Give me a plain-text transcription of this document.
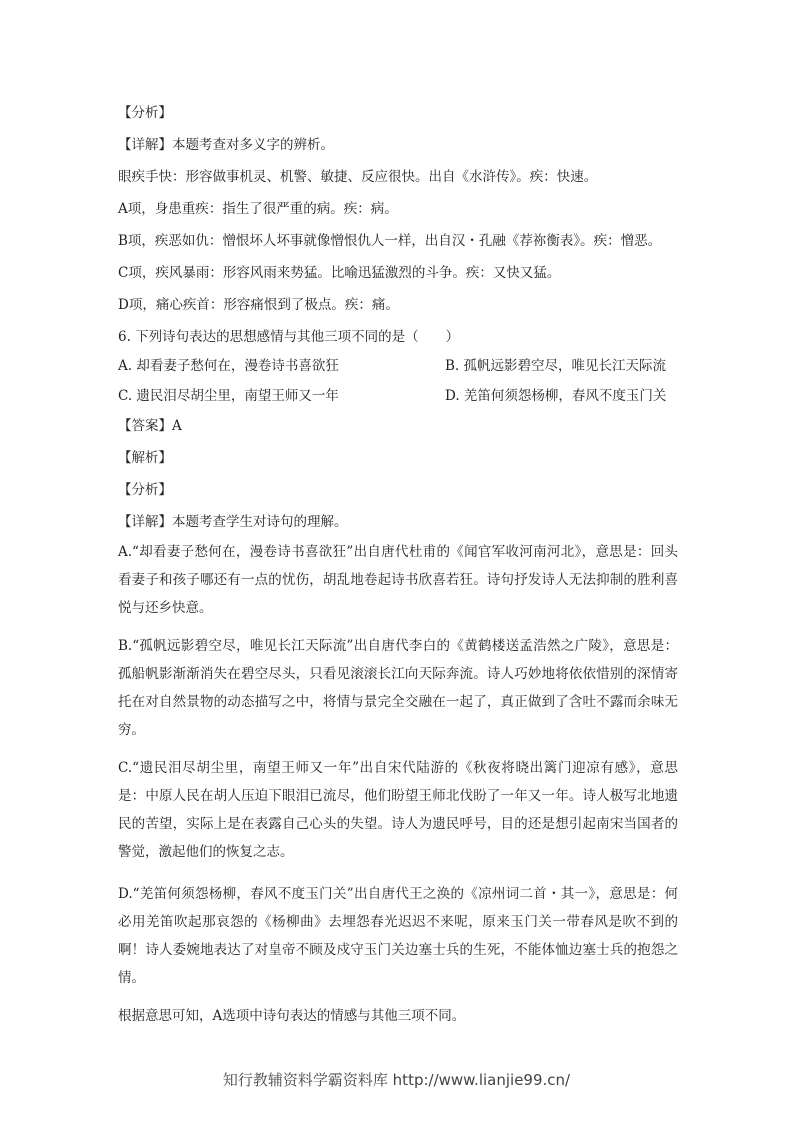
【分析】
【详解】本题考查对多义字的辨析。
眼疾手快：形容做事机灵、机警、敏捷、反应很快。出自《水浒传》。疾：快速。
A项，身患重疾：指生了很严重的病。疾：病。
B项，疾恶如仇：憎恨坏人坏事就像憎恨仇人一样，出自汉・孔融《荐祢衡表》。疾：憎恶。
C项，疾风暴雨：形容风雨来势猛。比喻迅猛激烈的斗争。疾：又快又猛。
D项，痛心疾首：形容痛恨到了极点。疾：痛。
6. 下列诗句表达的思想感情与其他三项不同的是（　　）
A. 却看妻子愁何在，漫卷诗书喜欲狂	B. 孤帆远影碧空尽，唯见长江天际流
C. 遗民泪尽胡尘里，南望王师又一年	D. 羌笛何须怨杨柳，春风不度玉门关
【答案】A
【解析】
【分析】
【详解】本题考查学生对诗句的理解。
A.“却看妻子愁何在，漫卷诗书喜欲狂”出自唐代杜甫的《闻官军收河南河北》，意思是：回头看妻子和孩子哪还有一点的忧伤，胡乱地卷起诗书欣喜若狂。诗句抒发诗人无法抑制的胜利喜悦与还乡快意。
B.“孤帆远影碧空尽，唯见长江天际流”出自唐代李白的《黄鹤楼送孟浩然之广陵》，意思是：孤船帆影渐渐消失在碧空尽头，只看见滚滚长江向天际奔流。诗人巧妙地将依依惜别的深情寄托在对自然景物的动态描写之中，将情与景完全交融在一起了，真正做到了含吐不露而余味无穷。
C.“遗民泪尽胡尘里，南望王师又一年”出自宋代陆游的《秋夜将晓出篱门迎凉有感》，意思是：中原人民在胡人压迫下眼泪已流尽，他们盼望王师北伐盼了一年又一年。诗人极写北地遗民的苦望，实际上是在表露自己心头的失望。诗人为遗民呼号，目的还是想引起南宋当国者的警觉，激起他们的恢复之志。
D.“羌笛何须怨杨柳，春风不度玉门关”出自唐代王之涣的《凉州词二首・其一》，意思是：何必用羌笛吹起那哀怨的《杨柳曲》去埋怨春光迟迟不来呢，原来玉门关一带春风是吹不到的啊！诗人委婉地表达了对皇帝不顾及戍守玉门关边塞士兵的生死，不能体恤边塞士兵的抱怨之情。
根据意思可知，A选项中诗句表达的情感与其他三项不同。
知行教辅资料学霸资料库 http://www.lianjie99.cn/
